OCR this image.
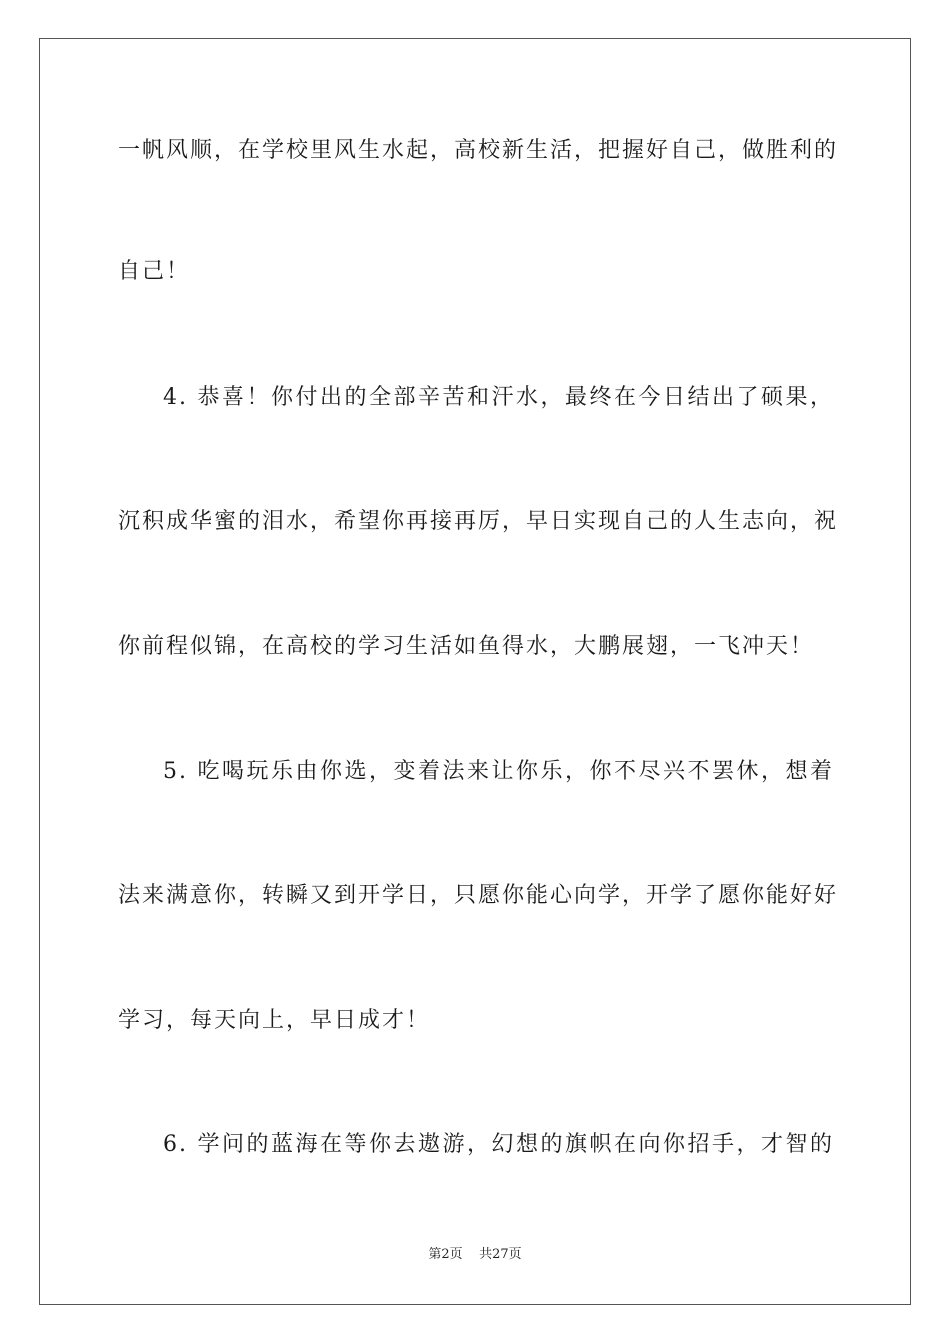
一帆风顺，在学校里风生水起，高校新生活，把握好自己，做胜利的
自己！
4. 恭喜！你付出的全部辛苦和汗水，最终在今日结出了硕果，
沉积成华蜜的泪水，希望你再接再厉，早日实现自己的人生志向，祝
你前程似锦，在高校的学习生活如鱼得水，大鹏展翅，一飞冲天！
5. 吃喝玩乐由你选，变着法来让你乐，你不尽兴不罢休，想着
法来满意你，转瞬又到开学日，只愿你能心向学，开学了愿你能好好
学习，每天向上，早日成才！
6. 学问的蓝海在等你去遨游，幻想的旗帜在向你招手，才智的
第2页 共27页
